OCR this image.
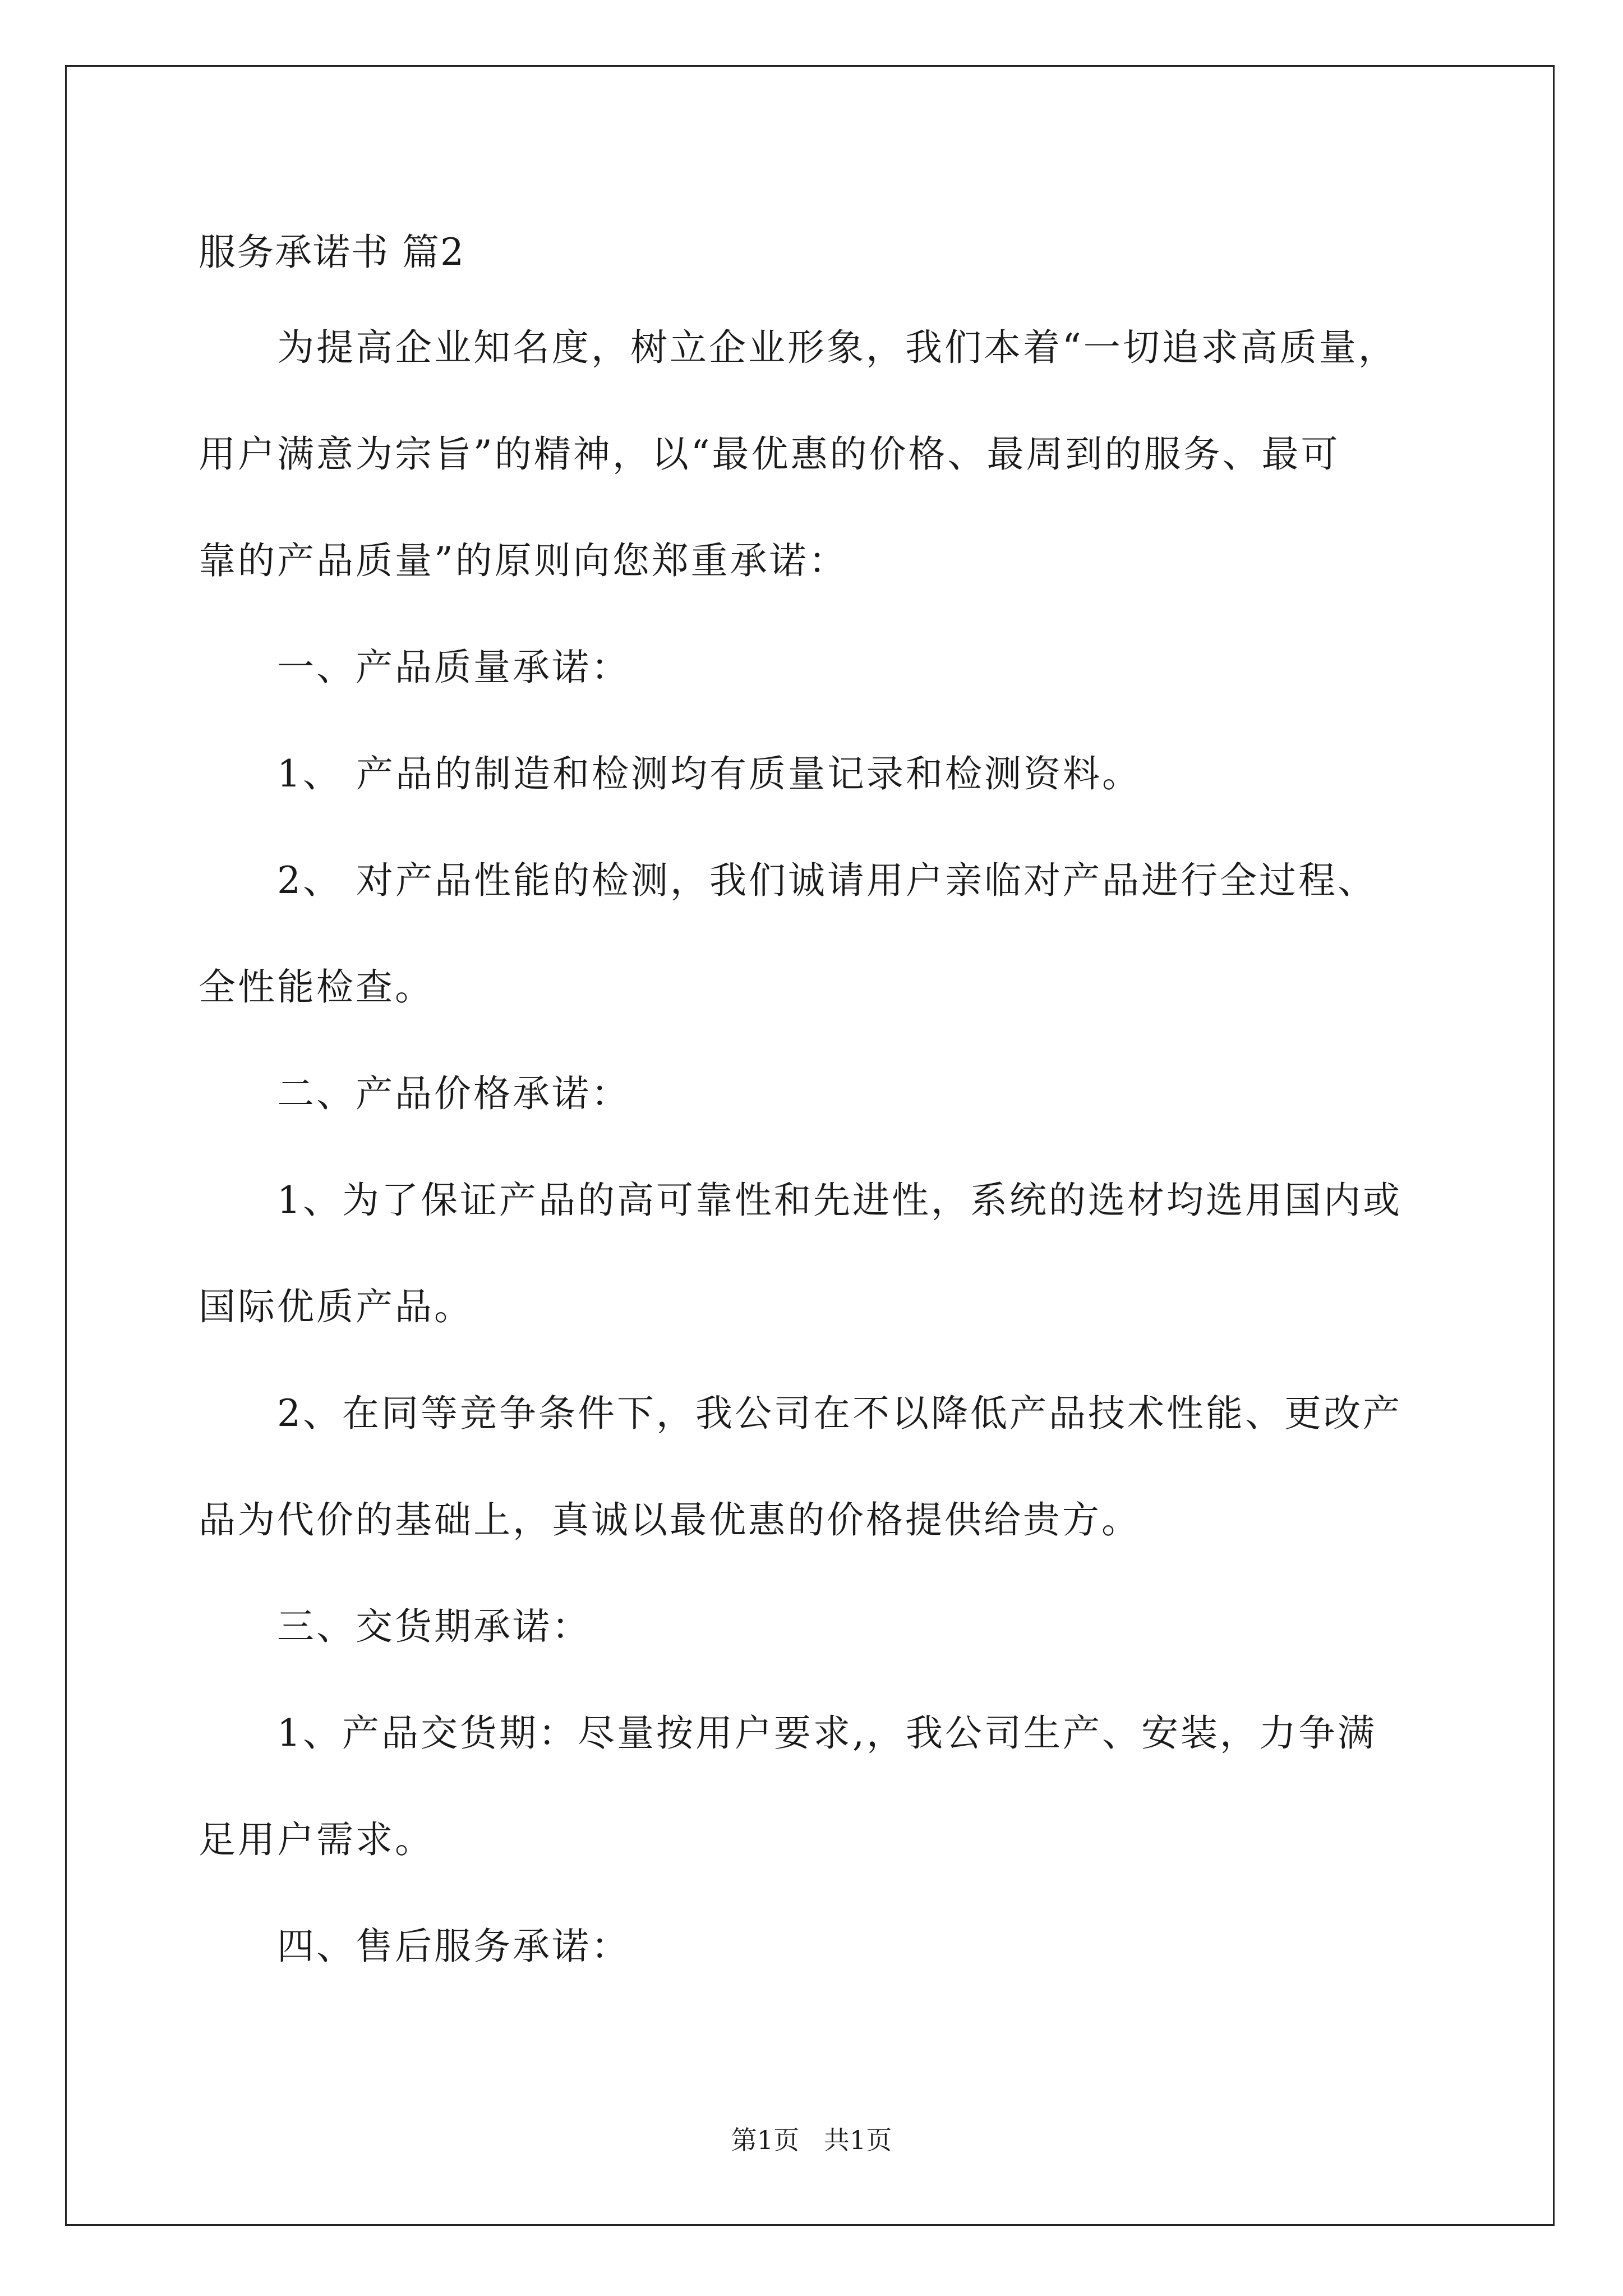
服务承诺书 篇2
　　为提高企业知名度，树立企业形象，我们本着“一切追求高质量，
用户满意为宗旨”的精神，以“最优惠的价格、最周到的服务、最可
靠的产品质量”的原则向您郑重承诺：
　　一、产品质量承诺：
　　1、 产品的制造和检测均有质量记录和检测资料。
　　2、 对产品性能的检测，我们诚请用户亲临对产品进行全过程、
全性能检查。
　　二、产品价格承诺：
　　1、为了保证产品的高可靠性和先进性，系统的选材均选用国内或
国际优质产品。
　　2、在同等竞争条件下，我公司在不以降低产品技术性能、更改产
品为代价的基础上，真诚以最优惠的价格提供给贵方。
　　三、交货期承诺：
　　1、产品交货期：尽量按用户要求,，我公司生产、安装，力争满
足用户需求。
　　四、售后服务承诺：
第1页   共1页
